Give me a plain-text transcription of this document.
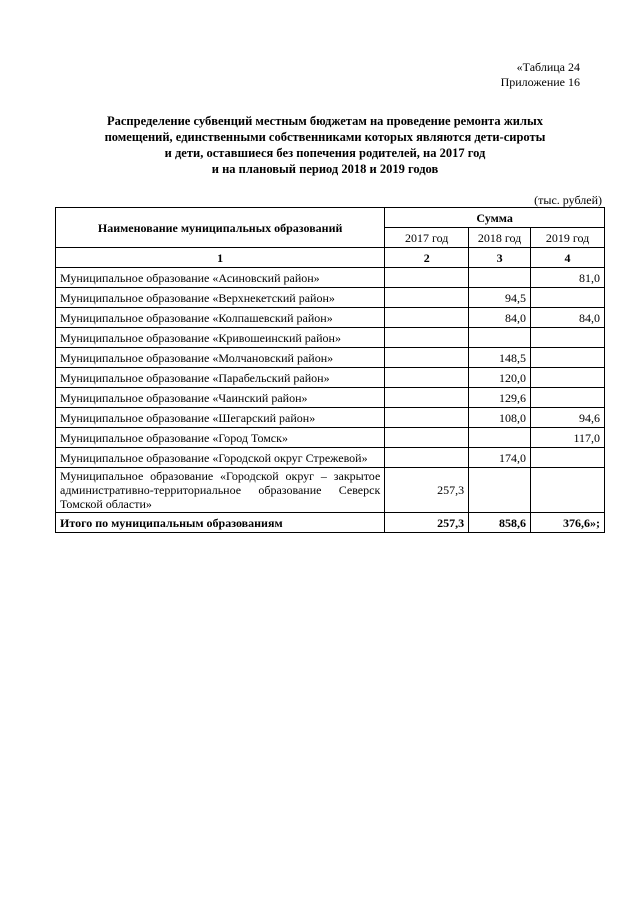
«Таблица 24
Приложение 16
Распределение субвенций местным бюджетам на проведение ремонта жилых
помещений, единственными собственниками которых являются дети-сироты
и дети, оставшиеся без попечения родителей, на 2017 год
и на плановый период 2018 и 2019 годов
(тыс. рублей)
Наименование муниципальных образований	Сумма		
	2017 год	2018 год	2019 год
1	2	3	4
Муниципальное образование «Асиновский район»			81,0
Муниципальное образование «Верхнекетский район»		94,5	
Муниципальное образование «Колпашевский район»		84,0	84,0
Муниципальное образование «Кривошеинский район»			
Муниципальное образование «Молчановский район»		148,5	
Муниципальное образование «Парабельский район»		120,0	
Муниципальное образование «Чаинский район»		129,6	
Муниципальное образование «Шегарский район»		108,0	94,6
Муниципальное образование «Город Томск»			117,0
Муниципальное образование «Городской округ Стрежевой»		174,0	
Муниципальное образование «Городской округ – закрытое административно-территориальное образование Северск Томской области»	257,3		
Итого по муниципальным образованиям	257,3	858,6	376,6»;
